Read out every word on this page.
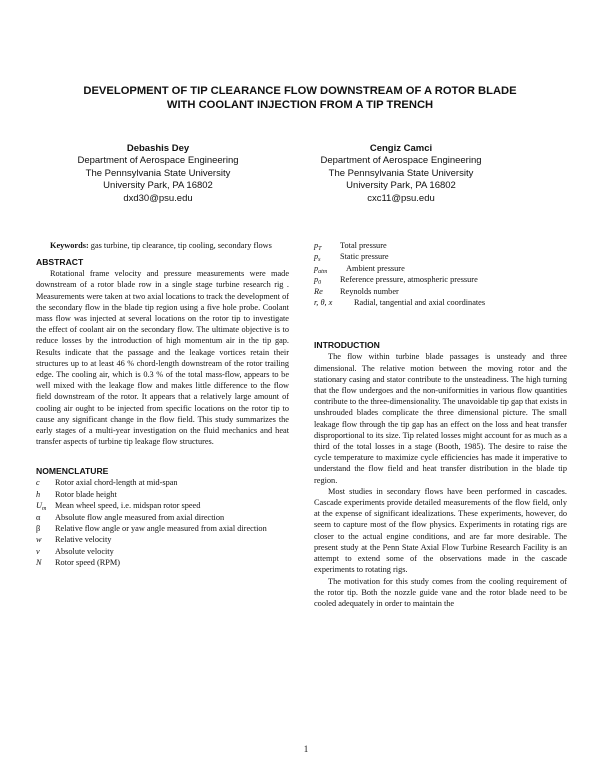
DEVELOPMENT OF TIP CLEARANCE FLOW DOWNSTREAM OF A ROTOR BLADE
WITH COOLANT INJECTION FROM A TIP TRENCH
Debashis Dey
Department of Aerospace Engineering
The Pennsylvania State University
University Park, PA 16802
dxd30@psu.edu
Cengiz Camci
Department of Aerospace Engineering
The Pennsylvania State University
University Park, PA 16802
cxc11@psu.edu

Keywords: gas turbine, tip clearance, tip cooling, secondary flows

ABSTRACT

Rotational frame velocity and pressure measurements were made downstream of a rotor blade row in a single stage turbine research rig . Measurements were taken at two axial locations to track the development of the secondary flow in the blade tip region using a five hole probe. Coolant mass flow was injected at several locations on the rotor tip to investigate the effect of coolant air on the secondary flow. The ultimate objective is to reduce losses by the introduction of high momentum air in the tip gap. Results indicate that the passage and the leakage vortices retain their structures up to at least 46 % chord-length downstream of the rotor trailing edge. The cooling air, which is 0.3 % of the total mass-flow, appears to be well mixed with the leakage flow and makes little difference to the flow field downstream of the rotor. It appears that a relatively large amount of cooling air ought to be injected from specific locations on the rotor tip to cause any significant change in the flow field. This study summarizes the early stages of a multi-year investigation on the fluid mechanics and heat transfer aspects of turbine tip leakage flow structures.

NOMENCLATURE
c Rotor axial chord-length at mid-span
h Rotor blade height
$U_m$ Mean wheel speed, i.e. midspan rotor speed
α Absolute flow angle measured from axial direction
β Relative flow angle or yaw angle measured from axial direction
w Relative velocity
v Absolute velocity
N Rotor speed (RPM)
$p_T$ Total pressure
$p_s$ Static pressure
$p_{atm}$ Ambient pressure
$p_0$ Reference pressure, atmospheric pressure
Re Reynolds number
r, θ, x	Radial, tangential and axial coordinates
INTRODUCTION

The flow within turbine blade passages is unsteady and three dimensional. The relative motion between the moving rotor and the stationary casing and stator contribute to the unsteadiness. The high turning that the flow undergoes and the non-uniformities in various flow quantities contribute to the three-dimensionality. The unavoidable tip gap that exists in unshrouded blades complicate the three dimensional picture. The small leakage flow through the tip gap has an effect on the loss and heat transfer disproportional to its size. Tip related losses might account for as much as a third of the total losses in a stage (Booth, 1985). The desire to raise the cycle temperature to maximize cycle efficiencies has made it imperative to understand the flow field and heat transfer distribution in the blade tip region.

Most studies in secondary flows have been performed in cascades. Cascade experiments provide detailed measurements of the flow field, only at the expense of significant idealizations. These experiments, however, do seem to capture most of the flow physics. Experiments in rotating rigs are closer to the actual engine conditions, and are far more desirable. The present study at the Penn State Axial Flow Turbine Research Facility is an attempt to extend some of the observations made in the cascade experiments to rotating rigs.

The motivation for this study comes from the cooling requirement of the rotor tip. Both the nozzle guide vane and the rotor blade need to be cooled adequately in order to maintain the

1
